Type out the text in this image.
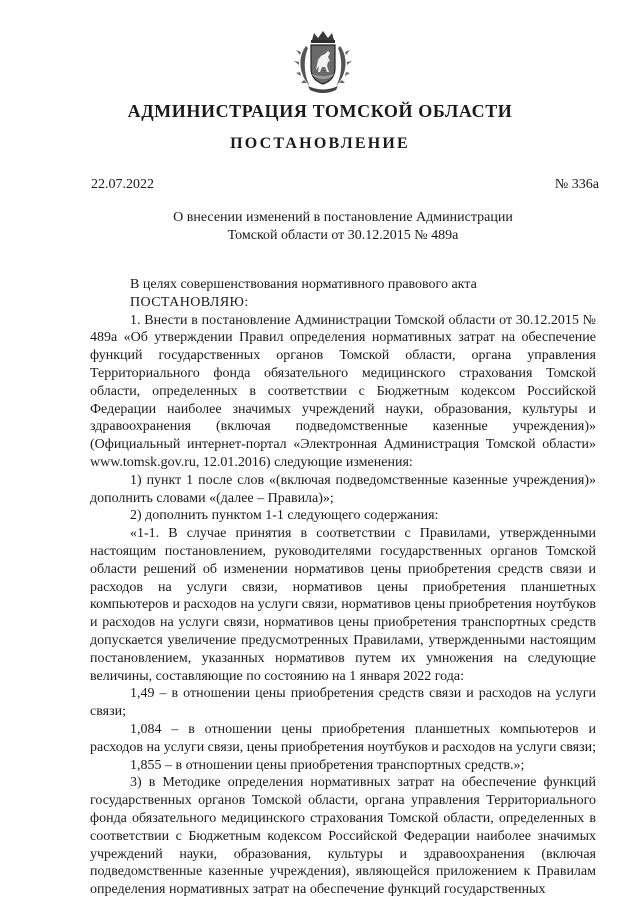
АДМИНИСТРАЦИЯ ТОМСКОЙ ОБЛАСТИ
ПОСТАНОВЛЕНИЕ
22.07.2022	№ 336а
О внесении изменений в постановление Администрации
Томской области от 30.12.2015 № 489а

В целях совершенствования нормативного правового акта

ПОСТАНОВЛЯЮ:

1. Внести в постановление Администрации Томской области от 30.12.2015 № 489а «Об утверждении Правил определения нормативных затрат на обеспечение функций государственных органов Томской области, органа управления Территориального фонда обязательного медицинского страхования Томской области, определенных в соответствии с Бюджетным кодексом Российской Федерации наиболее значимых учреждений науки, образования, культуры и здравоохранения (включая подведомственные казенные учреждения)» (Официальный интернет-портал «Электронная Администрация Томской области» www.tomsk.gov.ru, 12.01.2016) следующие изменения:

1) пункт 1 после слов «(включая подведомственные казенные учреждения)» дополнить словами «(далее – Правила)»;

2) дополнить пунктом 1-1 следующего содержания:

«1-1. В случае принятия в соответствии с Правилами, утвержденными настоящим постановлением, руководителями государственных органов Томской области решений об изменении нормативов цены приобретения средств связи и расходов на услуги связи, нормативов цены приобретения планшетных компьютеров и расходов на услуги связи, нормативов цены приобретения ноутбуков и расходов на услуги связи, нормативов цены приобретения транспортных средств допускается увеличение предусмотренных Правилами, утвержденными настоящим постановлением, указанных нормативов путем их умножения на следующие величины, составляющие по состоянию на 1 января 2022 года:

1,49 – в отношении цены приобретения средств связи и расходов на услуги связи;

1,084 – в отношении цены приобретения планшетных компьютеров и расходов на услуги связи, цены приобретения ноутбуков и расходов на услуги связи;

1,855 – в отношении цены приобретения транспортных средств.»;

3) в Методике определения нормативных затрат на обеспечение функций государственных органов Томской области, органа управления Территориального фонда обязательного медицинского страхования Томской области, определенных в соответствии с Бюджетным кодексом Российской Федерации наиболее значимых учреждений науки, образования, культуры и здравоохранения (включая подведомственные казенные учреждения), являющейся приложением к Правилам определения нормативных затрат на обеспечение функций государственных
